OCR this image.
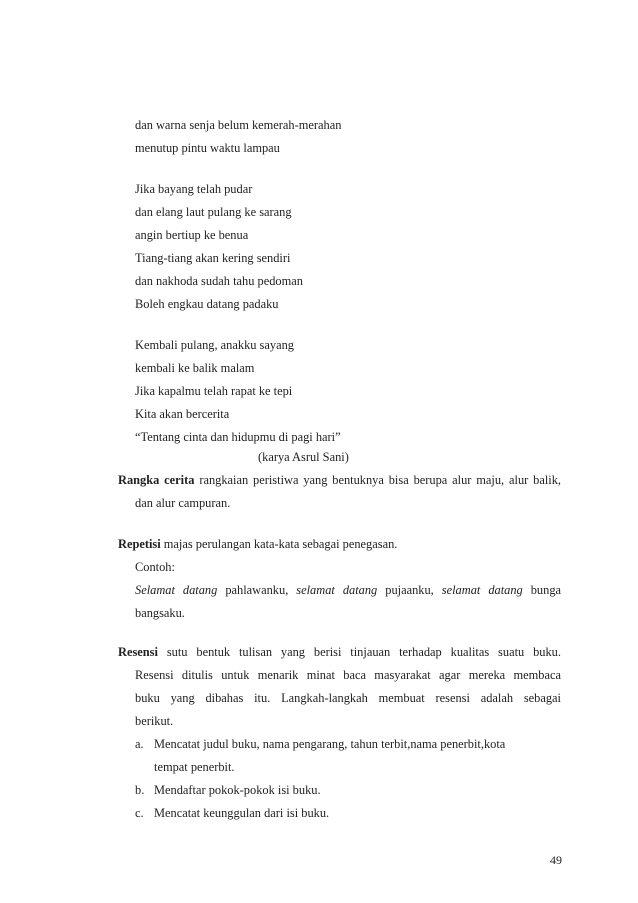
dan warna senja belum kemerah-merahan
menutup pintu waktu lampau
Jika bayang telah pudar
dan elang laut pulang ke sarang
angin bertiup ke benua
Tiang-tiang akan kering sendiri
dan nakhoda sudah tahu pedoman
Boleh engkau datang padaku
Kembali pulang, anakku sayang
kembali ke balik malam
Jika kapalmu telah rapat ke tepi
Kita akan bercerita
“Tentang cinta dan hidupmu di pagi hari”
(karya Asrul Sani)
Rangka cerita rangkaian peristiwa yang bentuknya bisa berupa alur maju, alur balik,
dan alur campuran.
Repetisi majas perulangan kata-kata sebagai penegasan.
Contoh:
Selamat datang pahlawanku, selamat datang pujaanku, selamat datang bunga
bangsaku.
Resensi sutu bentuk tulisan yang berisi tinjauan terhadap kualitas suatu buku.
Resensi ditulis untuk menarik minat baca masyarakat agar mereka membaca
buku yang dibahas itu. Langkah-langkah membuat resensi adalah sebagai
berikut.
a. Mencatat judul buku, nama pengarang, tahun terbit,nama penerbit,kota
tempat penerbit.
b. Mendaftar pokok-pokok isi buku.
c. Mencatat keunggulan dari isi buku.
49
